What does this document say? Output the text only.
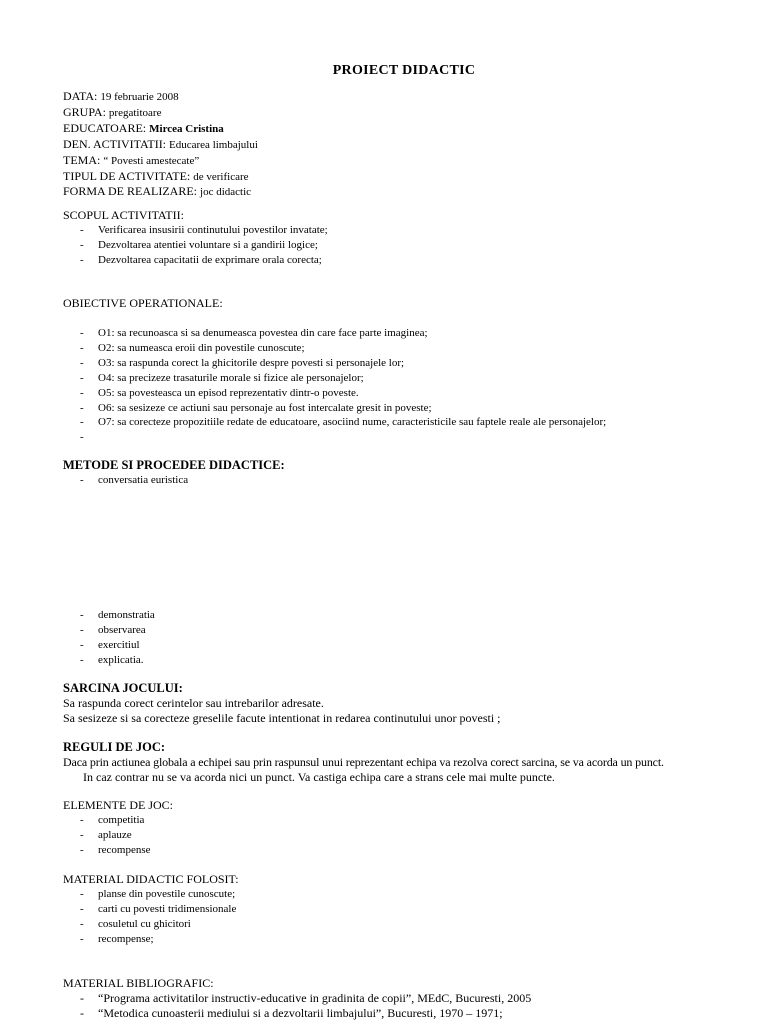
PROIECT DIDACTIC
DATA: 19 februarie 2008
GRUPA: pregatitoare
EDUCATOARE: Mircea Cristina
DEN. ACTIVITATII: Educarea limbajului
TEMA: “ Povesti amestecate”
TIPUL DE ACTIVITATE: de verificare
FORMA DE REALIZARE: joc didactic
SCOPUL ACTIVITATII:
- Verificarea insusirii continutului povestilor invatate;
- Dezvoltarea atentiei voluntare si a gandirii logice;
- Dezvoltarea capacitatii de exprimare orala corecta;
OBIECTIVE OPERATIONALE:
- O1: sa recunoasca si sa denumeasca povestea din care face parte imaginea;
- O2: sa numeasca eroii din povestile cunoscute;
- O3: sa raspunda corect la ghicitorile despre povesti si personajele lor;
- O4: sa precizeze trasaturile morale si fizice ale personajelor;
- O5: sa povesteasca un episod reprezentativ dintr-o poveste.
- O6: sa sesizeze ce actiuni sau personaje au fost intercalate gresit in poveste;
- O7: sa corecteze propozitiile redate de educatoare, asociind nume, caracteristicile sau faptele reale ale personajelor;
METODE SI PROCEDEE DIDACTICE:
- conversatia euristica
- demonstratia
- observarea
- exercitiul
- explicatia.
SARCINA JOCULUI:
Sa raspunda corect cerintelor sau intrebarilor adresate.
Sa sesizeze si sa corecteze greselile facute intentionat in redarea continutului unor povesti ;
REGULI DE JOC:
Daca prin actiunea globala a echipei sau prin raspunsul unui reprezentant echipa va rezolva corect sarcina, se va acorda un punct.
In caz contrar nu se va acorda nici un punct. Va castiga echipa care a strans cele mai multe puncte.
ELEMENTE DE JOC:
- competitia
- aplauze
- recompense
MATERIAL DIDACTIC FOLOSIT:
- planse din povestile cunoscute;
- carti cu povesti tridimensionale
- cosuletul cu ghicitori
- recompense;
MATERIAL BIBLIOGRAFIC:
- “Programa activitatilor instructiv-educative in gradinita de copii”, MEdC, Bucuresti, 2005
- “Metodica cunoasterii mediului si a dezvoltarii limbajului”, Bucuresti, 1970 – 1971;
